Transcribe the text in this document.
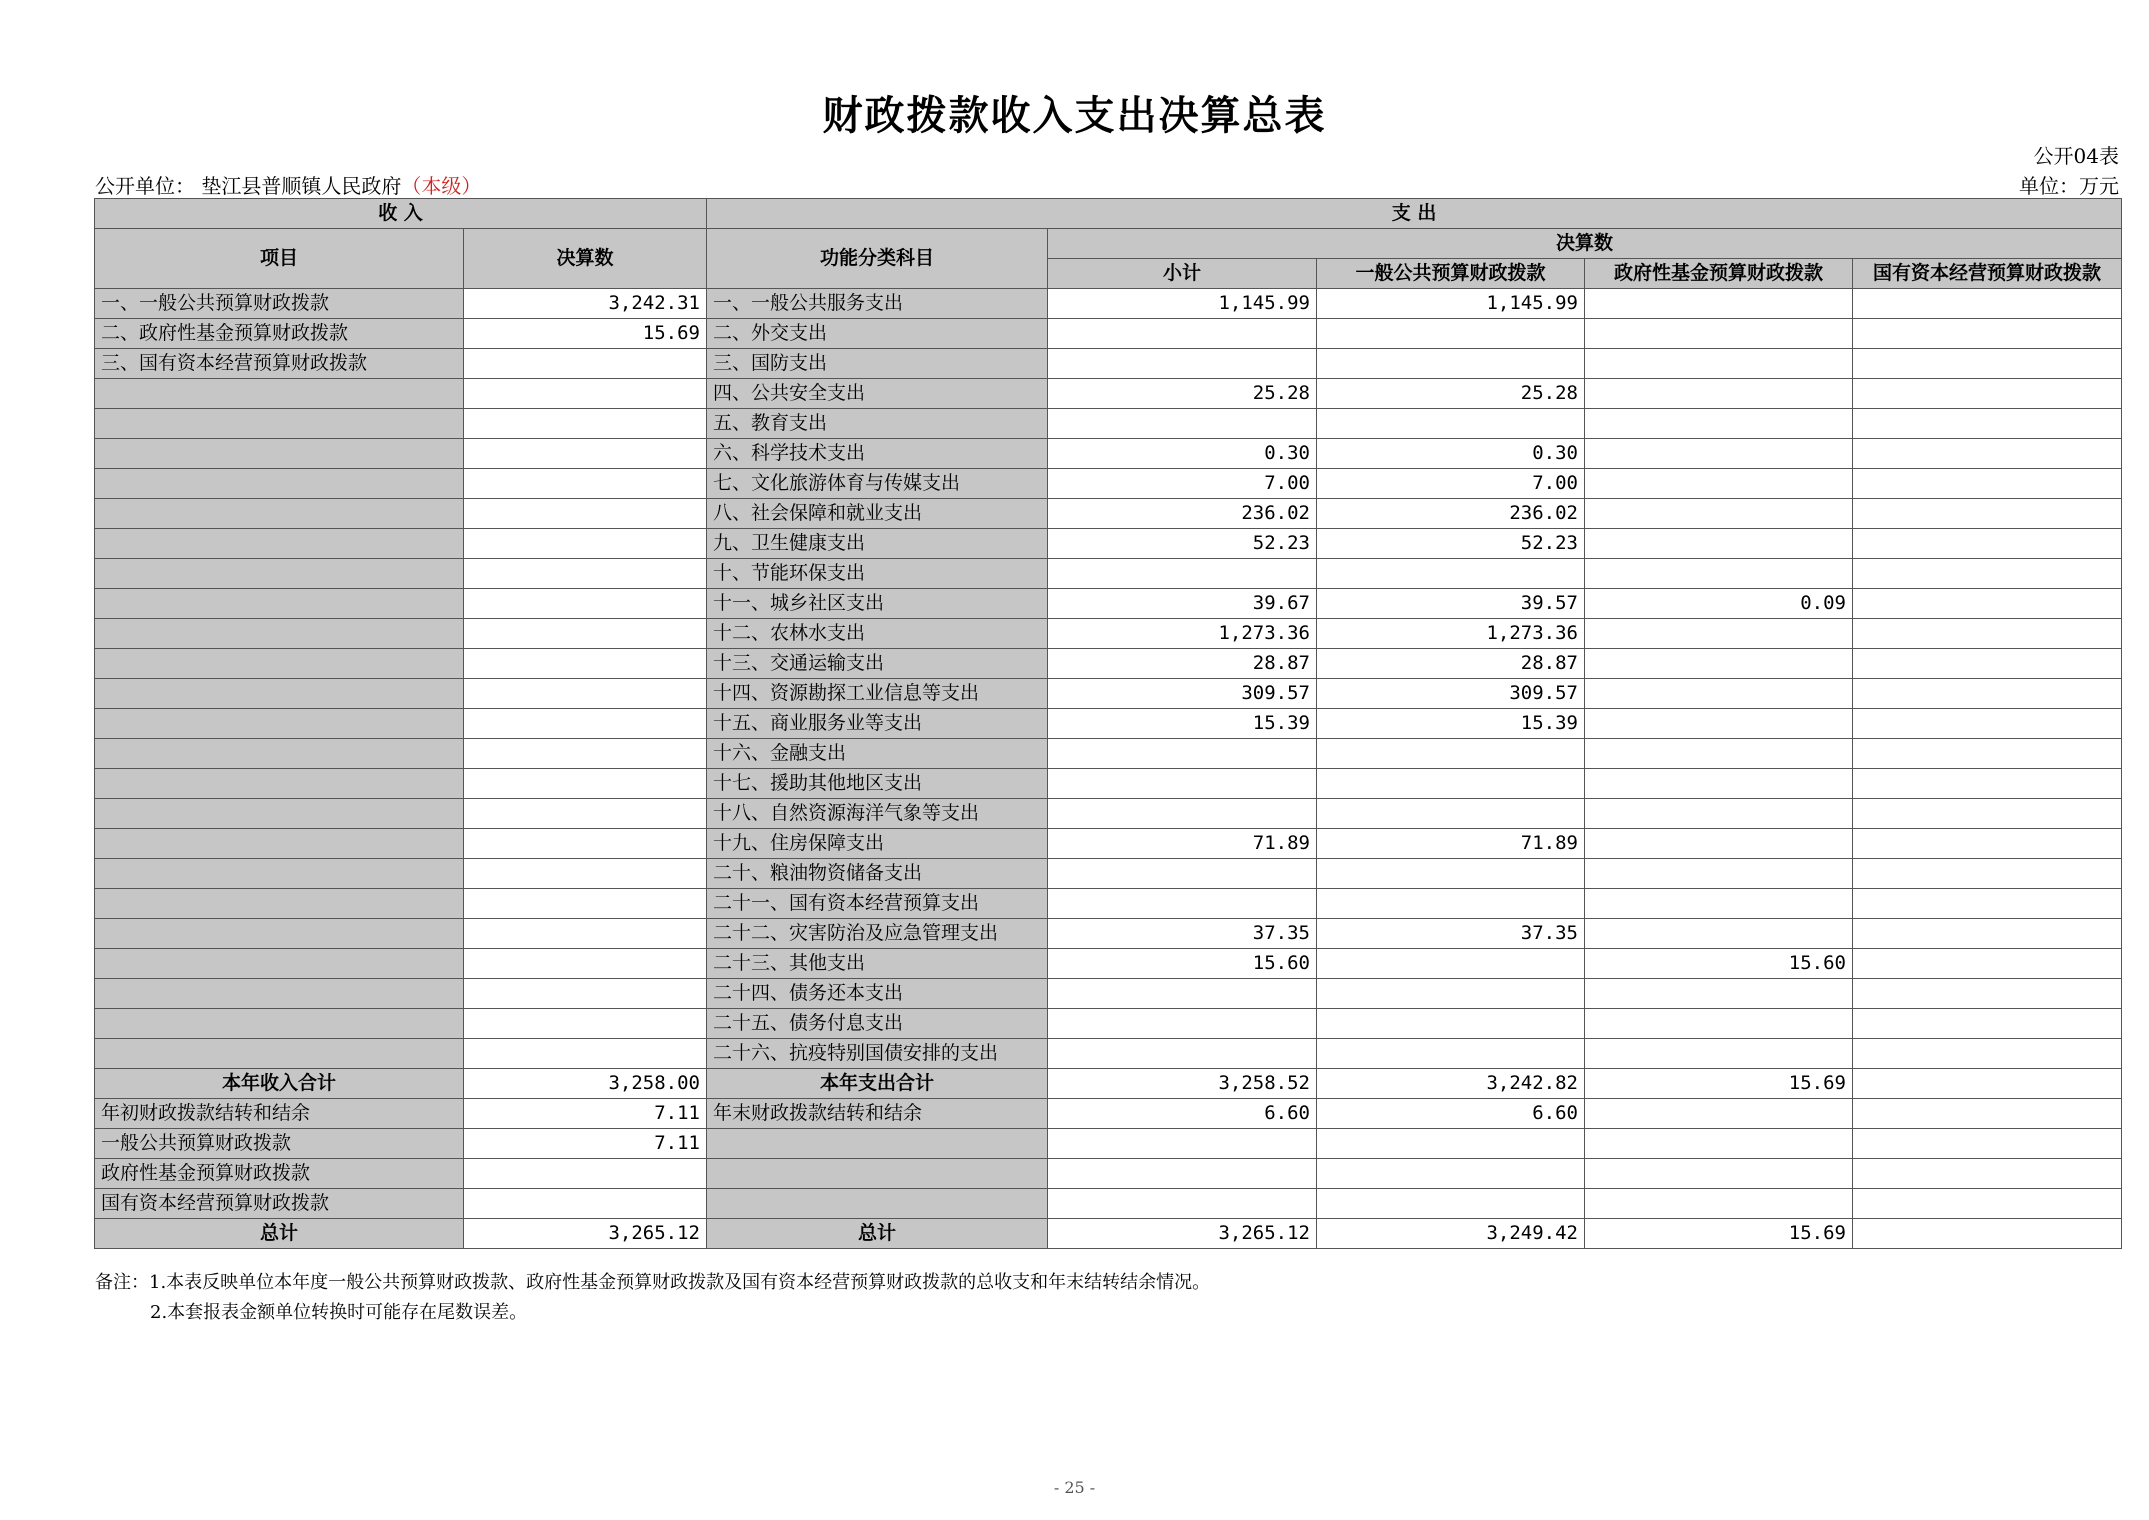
财政拨款收入支出决算总表
公开04表
公开单位： 垫江县普顺镇人民政府（本级）	单位：万元
收 入		支 出				
项目	决算数	功能分类科目	决算数			
			小计	一般公共预算财政拨款	政府性基金预算财政拨款	国有资本经营预算财政拨款
一、一般公共预算财政拨款	3,242.31	一、一般公共服务支出	1,145.99	1,145.99		
二、政府性基金预算财政拨款	15.69	二、外交支出				
三、国有资本经营预算财政拨款		三、国防支出				
		四、公共安全支出	25.28	25.28		
		五、教育支出				
		六、科学技术支出	0.30	0.30		
		七、文化旅游体育与传媒支出	7.00	7.00		
		八、社会保障和就业支出	236.02	236.02		
		九、卫生健康支出	52.23	52.23		
		十、节能环保支出				
		十一、城乡社区支出	39.67	39.57	0.09	
		十二、农林水支出	1,273.36	1,273.36		
		十三、交通运输支出	28.87	28.87		
		十四、资源勘探工业信息等支出	309.57	309.57		
		十五、商业服务业等支出	15.39	15.39		
		十六、金融支出				
		十七、援助其他地区支出				
		十八、自然资源海洋气象等支出				
		十九、住房保障支出	71.89	71.89		
		二十、粮油物资储备支出				
		二十一、国有资本经营预算支出				
		二十二、灾害防治及应急管理支出	37.35	37.35		
		二十三、其他支出	15.60		15.60	
		二十四、债务还本支出				
		二十五、债务付息支出				
		二十六、抗疫特别国债安排的支出				
本年收入合计	3,258.00	本年支出合计	3,258.52	3,242.82	15.69	
年初财政拨款结转和结余	7.11	年末财政拨款结转和结余	6.60	6.60		
一般公共预算财政拨款	7.11					
政府性基金预算财政拨款						
国有资本经营预算财政拨款						
总计	3,265.12	总计	3,265.12	3,249.42	15.69	
备注：1.本表反映单位本年度一般公共预算财政拨款、政府性基金预算财政拨款及国有资本经营预算财政拨款的总收支和年末结转结余情况。
2.本套报表金额单位转换时可能存在尾数误差。
- 25 -
